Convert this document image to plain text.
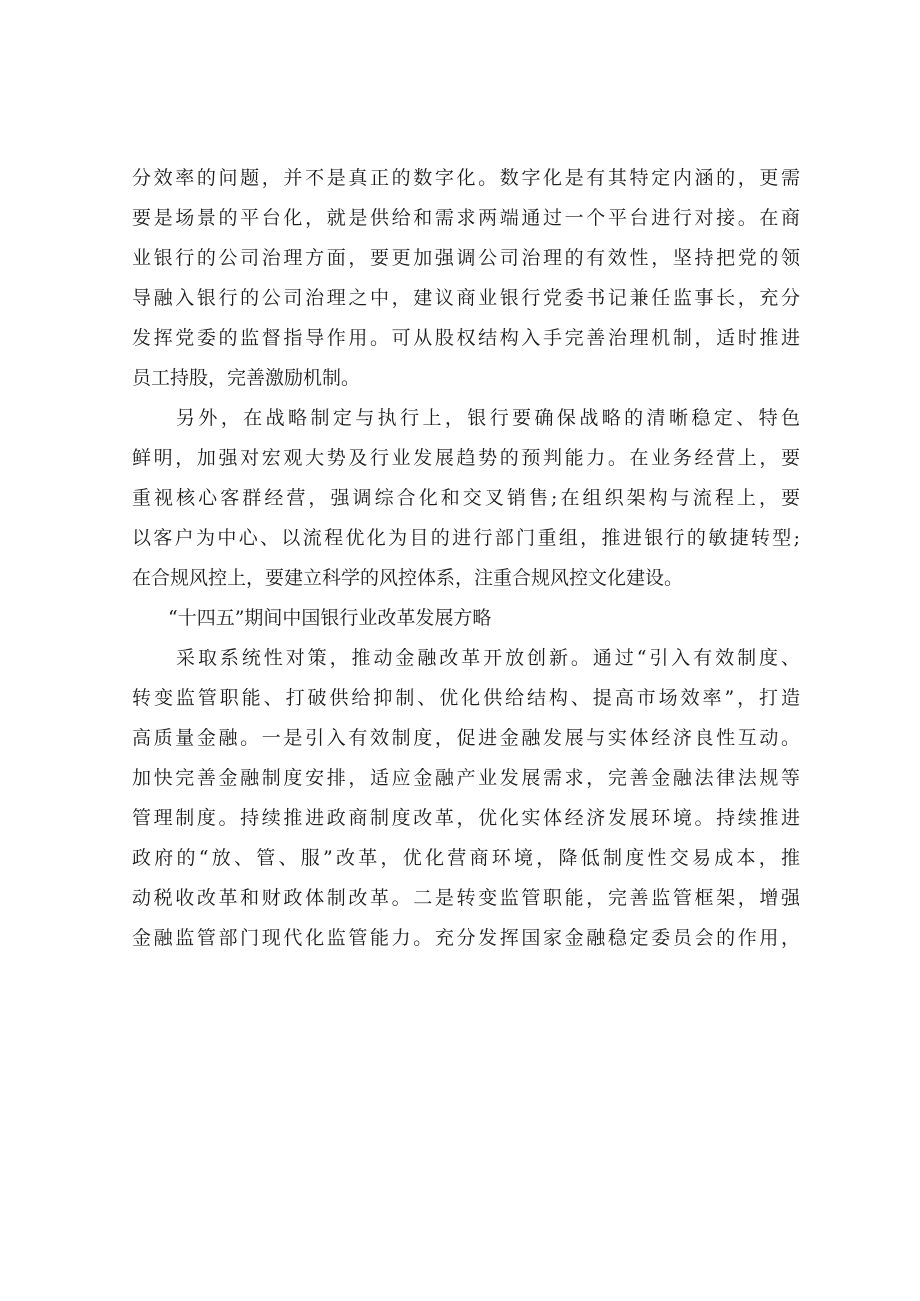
分效率的问题，并不是真正的数字化。数字化是有其特定内涵的，更需
要是场景的平台化，就是供给和需求两端通过一个平台进行对接。在商
业银行的公司治理方面，要更加强调公司治理的有效性，坚持把党的领
导融入银行的公司治理之中，建议商业银行党委书记兼任监事长，充分
发挥党委的监督指导作用。可从股权结构入手完善治理机制，适时推进
员工持股，完善激励机制。
另外，在战略制定与执行上，银行要确保战略的清晰稳定、特色
鲜明，加强对宏观大势及行业发展趋势的预判能力。在业务经营上，要
重视核心客群经营，强调综合化和交叉销售;在组织架构与流程上，要
以客户为中心、以流程优化为目的进行部门重组，推进银行的敏捷转型;
在合规风控上，要建立科学的风控体系，注重合规风控文化建设。
“十四五”期间中国银行业改革发展方略
采取系统性对策，推动金融改革开放创新。通过“引入有效制度、
转变监管职能、打破供给抑制、优化供给结构、提高市场效率”，打造
高质量金融。一是引入有效制度，促进金融发展与实体经济良性互动。
加快完善金融制度安排，适应金融产业发展需求，完善金融法律法规等
管理制度。持续推进政商制度改革，优化实体经济发展环境。持续推进
政府的“放、管、服”改革，优化营商环境，降低制度性交易成本，推
动税收改革和财政体制改革。二是转变监管职能，完善监管框架，增强
金融监管部门现代化监管能力。充分发挥国家金融稳定委员会的作用，
